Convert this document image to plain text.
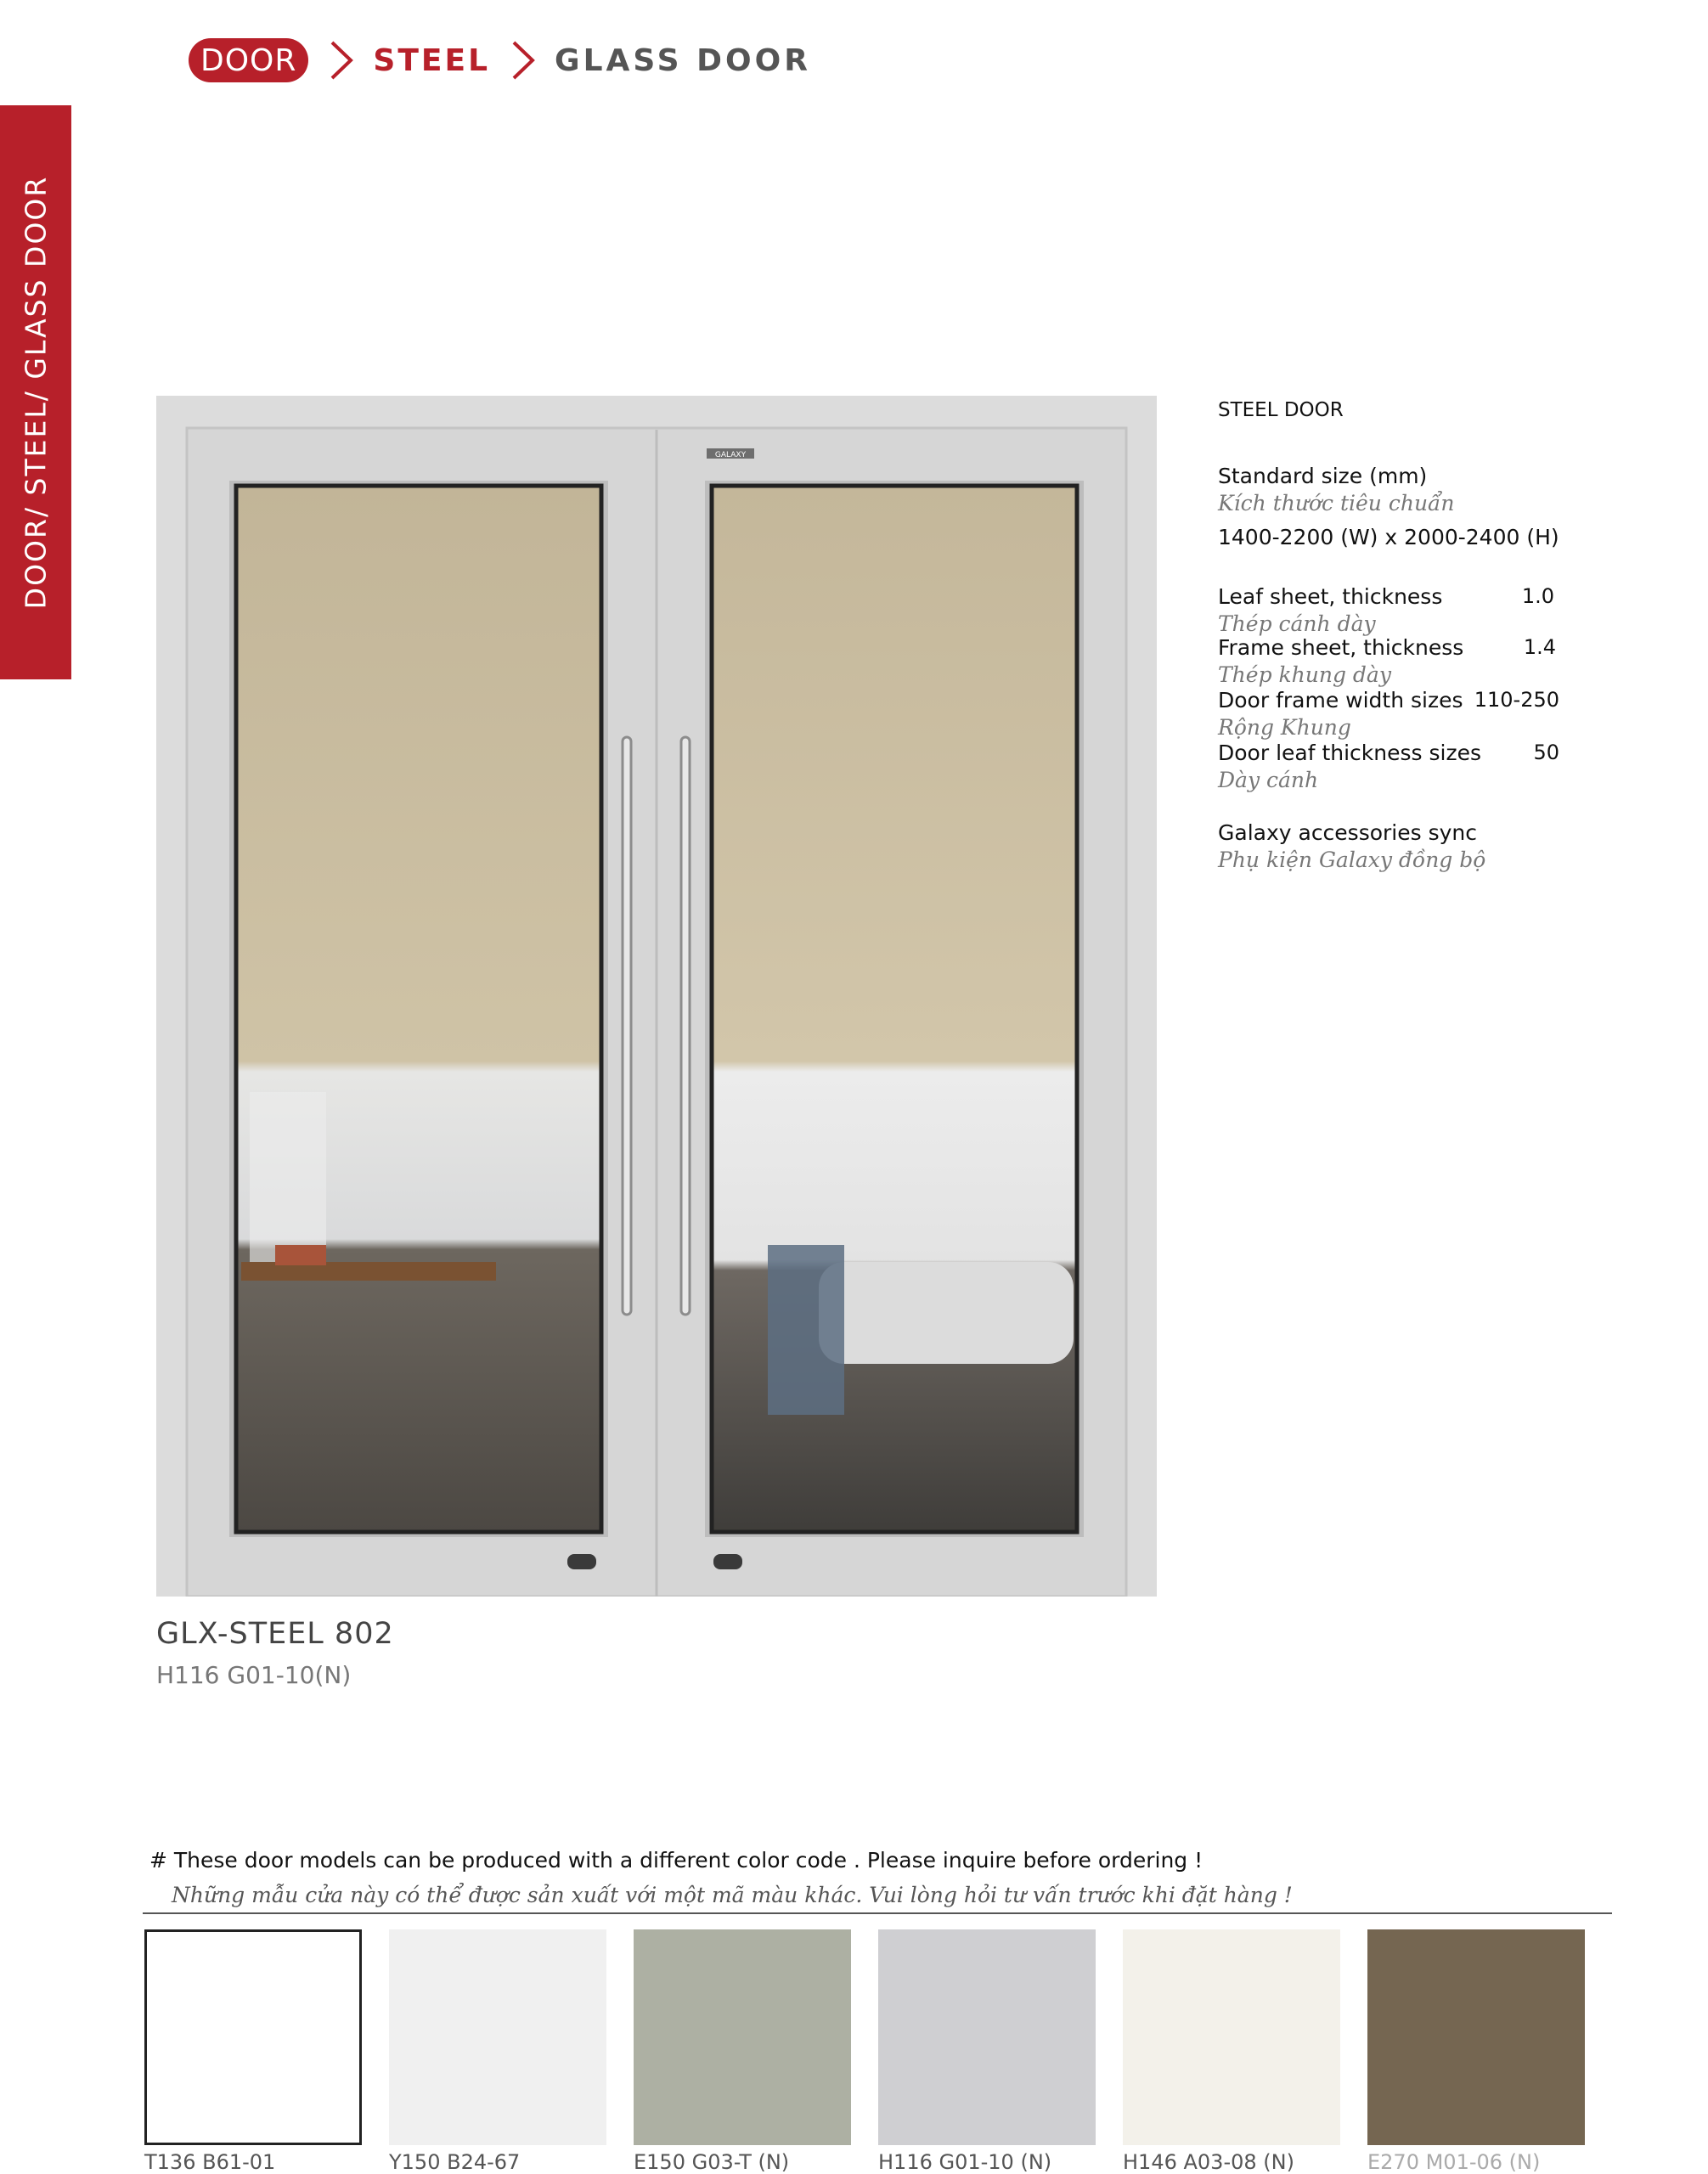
DOOR	STEEL GLASS DOOR
DOOR/ STEEL/ GLASS DOOR	GALAXY
GLX-STEEL 802
H116 G01-10(N)
STEEL DOOR
Standard size (mm)
Kích thước tiêu chuẩn
1400-2200 (W) x 2000-2400 (H)
Leaf sheet, thickness	1.0
Thép cánh dày
Frame sheet, thickness	1.4
Thép khung dày
Door frame width sizes 110-250
Rộng Khung
Door leaf thickness sizes	50
Dày cánh
Galaxy accessories sync
Phụ kiện Galaxy đồng bộ
# These door models can be produced with a different color code . Please inquire before ordering !
Những mẫu cửa này có thể được sản xuất với một mã màu khác. Vui lòng hỏi tư vấn trước khi đặt hàng !
T136 B61-01	Y150 B24-67	E150 G03-T (N)	H116 G01-10 (N)	H146 A03-08 (N)	E270 M01-06 (N)
